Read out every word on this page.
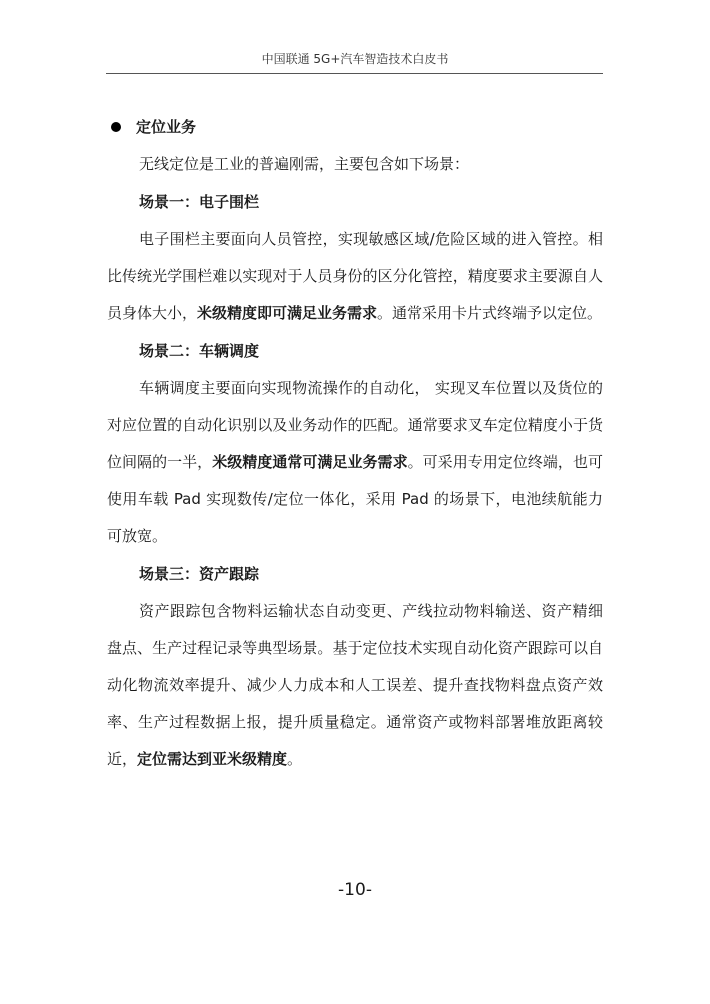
中国联通 5G+汽车智造技术白皮书
定位业务

无线定位是工业的普遍刚需，主要包含如下场景：

场景一：电子围栏

电子围栏主要面向人员管控，实现敏感区域/危险区域的进入管控。相比传统光学围栏难以实现对于人员身份的区分化管控，精度要求主要源自人员身体大小，米级精度即可满足业务需求。通常采用卡片式终端予以定位。

场景二：车辆调度

车辆调度主要面向实现物流操作的自动化， 实现叉车位置以及货位的对应位置的自动化识别以及业务动作的匹配。通常要求叉车定位精度小于货位间隔的一半，米级精度通常可满足业务需求。可采用专用定位终端，也可使用车载 Pad 实现数传/定位一体化，采用 Pad 的场景下，电池续航能力可放宽。

场景三：资产跟踪

资产跟踪包含物料运输状态自动变更、产线拉动物料输送、资产精细盘点、生产过程记录等典型场景。基于定位技术实现自动化资产跟踪可以自动化物流效率提升、减少人力成本和人工误差、提升查找物料盘点资产效率、生产过程数据上报，提升质量稳定。通常资产或物料部署堆放距离较近，定位需达到亚米级精度。

-10-
